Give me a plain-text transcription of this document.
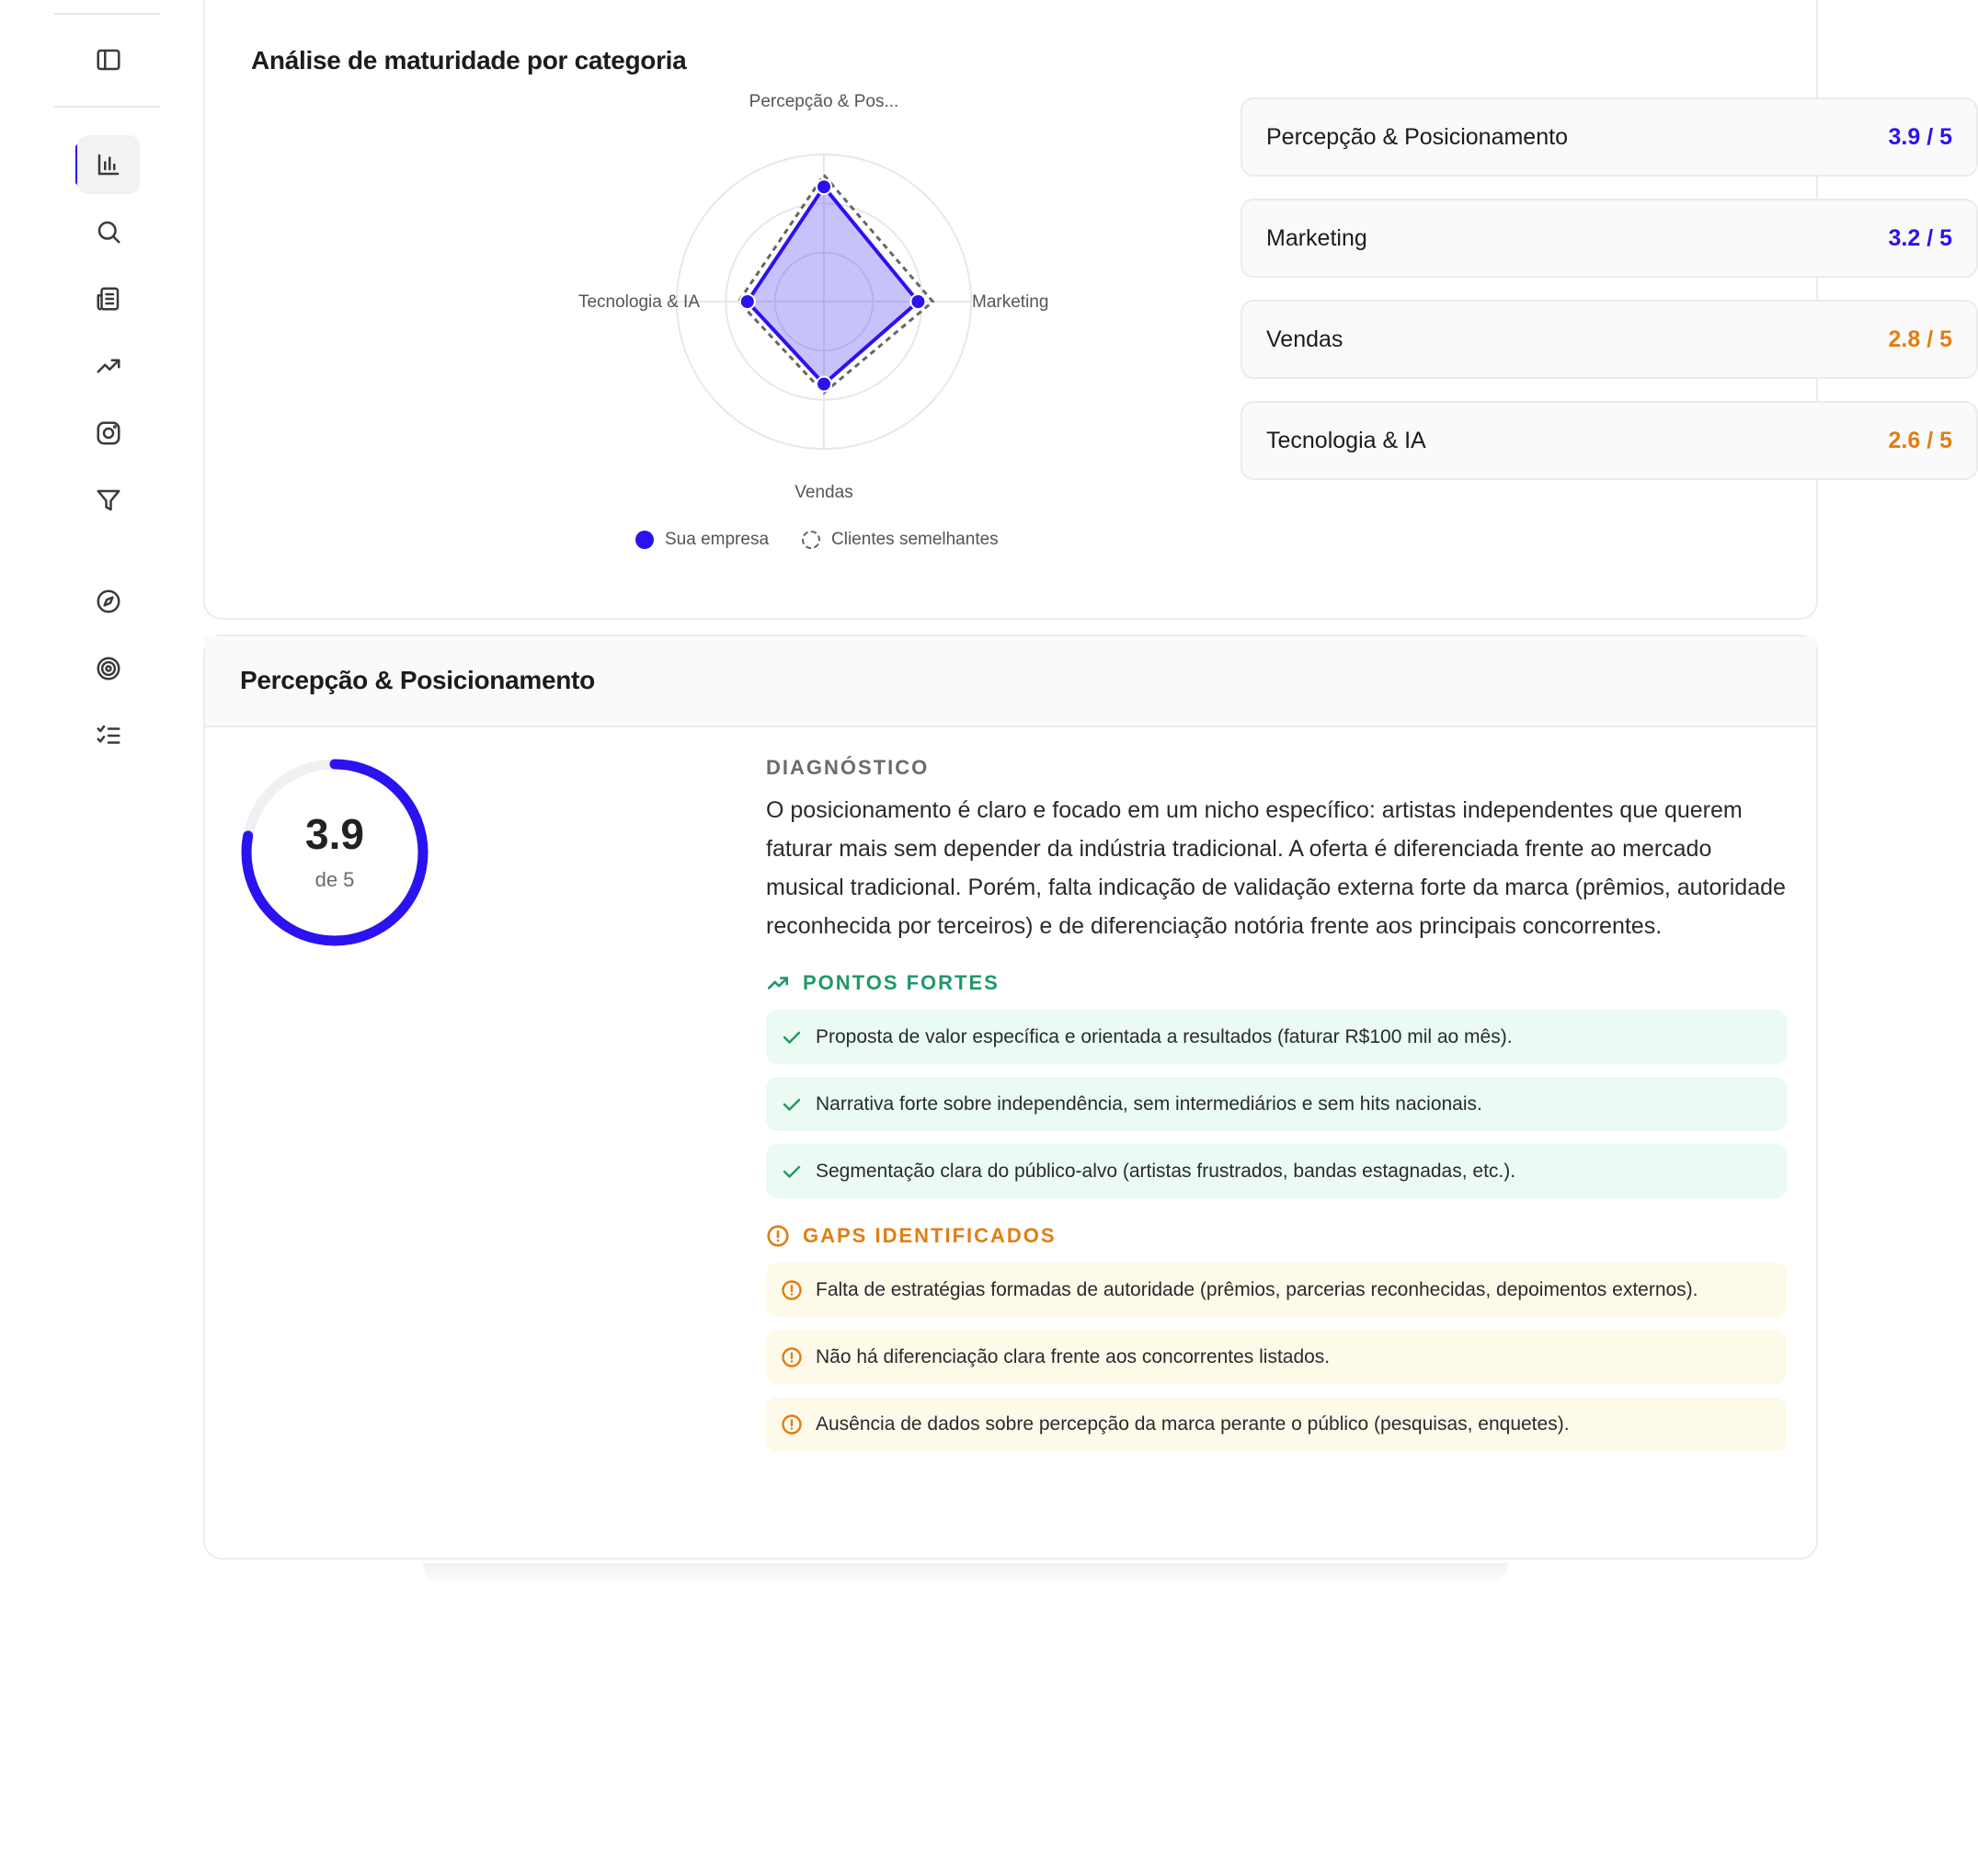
Análise de maturidade por categoria
Percepção & Pos...
Marketing
Vendas
Tecnologia & IA
Sua empresa	Clientes semelhantes
Percepção & Posicionamento	3.9 / 5
Marketing	3.2 / 5
Vendas	2.8 / 5
Tecnologia & IA	2.6 / 5
Percepção & Posicionamento
3.9
de 5
DIAGNÓSTICO
O posicionamento é claro e focado em um nicho específico: artistas independentes que querem faturar mais sem depender da indústria tradicional. A oferta é diferenciada frente ao mercado musical tradicional. Porém, falta indicação de validação externa forte da marca (prêmios, autoridade reconhecida por terceiros) e de diferenciação notória frente aos principais concorrentes.
PONTOS FORTES
Proposta de valor específica e orientada a resultados (faturar R$100 mil ao mês).
Narrativa forte sobre independência, sem intermediários e sem hits nacionais.
Segmentação clara do público-alvo (artistas frustrados, bandas estagnadas, etc.).
GAPS IDENTIFICADOS
Falta de estratégias formadas de autoridade (prêmios, parcerias reconhecidas, depoimentos externos).
Não há diferenciação clara frente aos concorrentes listados.
Ausência de dados sobre percepção da marca perante o público (pesquisas, enquetes).
